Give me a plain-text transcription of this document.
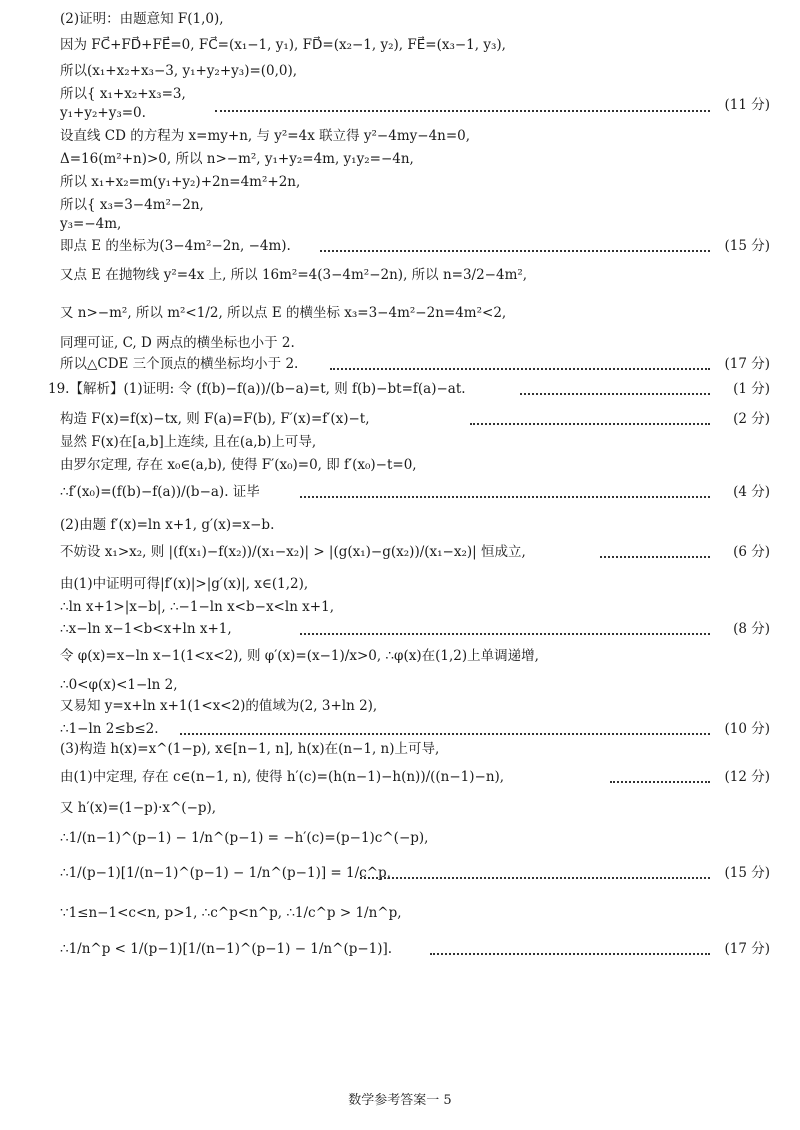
(2)证明：由题意知 F(1,0),
因为 FC⃗+FD⃗+FE⃗=0, FC⃗=(x₁−1, y₁), FD⃗=(x₂−1, y₂), FE⃗=(x₃−1, y₃),
所以(x₁+x₂+x₃−3, y₁+y₂+y₃)=(0,0),
所以{ x₁+x₂+x₃=3,
y₁+y₂+y₃=0.	(11 分)
设直线 CD 的方程为 x=my+n, 与 y²=4x 联立得 y²−4my−4n=0,
Δ=16(m²+n)>0, 所以 n>−m², y₁+y₂=4m, y₁y₂=−4n,
所以 x₁+x₂=m(y₁+y₂)+2n=4m²+2n,
所以{ x₃=3−4m²−2n,
y₃=−4m,
即点 E 的坐标为(3−4m²−2n, −4m).	(15 分)
又点 E 在抛物线 y²=4x 上, 所以 16m²=4(3−4m²−2n), 所以 n=3/2−4m²,
又 n>−m², 所以 m²<1/2, 所以点 E 的横坐标 x₃=3−4m²−2n=4m²<2,
同理可证, C, D 两点的横坐标也小于 2.
所以△CDE 三个顶点的横坐标均小于 2.	(17 分)
19.【解析】(1)证明: 令 (f(b)−f(a))/(b−a)=t, 则 f(b)−bt=f(a)−at.	(1 分)
构造 F(x)=f(x)−tx, 则 F(a)=F(b), F′(x)=f′(x)−t,	(2 分)
显然 F(x)在[a,b]上连续, 且在(a,b)上可导,
由罗尔定理, 存在 x₀∈(a,b), 使得 F′(x₀)=0, 即 f′(x₀)−t=0,
∴f′(x₀)=(f(b)−f(a))/(b−a). 证毕	(4 分)
(2)由题 f′(x)=ln x+1, g′(x)=x−b.
不妨设 x₁>x₂, 则 |(f(x₁)−f(x₂))/(x₁−x₂)| > |(g(x₁)−g(x₂))/(x₁−x₂)| 恒成立,	(6 分)
由(1)中证明可得|f′(x)|>|g′(x)|, x∈(1,2),
∴ln x+1>|x−b|, ∴−1−ln x<b−x<ln x+1,
∴x−ln x−1<b<x+ln x+1,	(8 分)
令 φ(x)=x−ln x−1(1<x<2), 则 φ′(x)=(x−1)/x>0, ∴φ(x)在(1,2)上单调递增,
∴0<φ(x)<1−ln 2,
又易知 y=x+ln x+1(1<x<2)的值域为(2, 3+ln 2),
∴1−ln 2≤b≤2.	(10 分)
(3)构造 h(x)=x^(1−p), x∈[n−1, n], h(x)在(n−1, n)上可导,
由(1)中定理, 存在 c∈(n−1, n), 使得 h′(c)=(h(n−1)−h(n))/((n−1)−n),	(12 分)
又 h′(x)=(1−p)·x^(−p),
∴1/(n−1)^(p−1) − 1/n^(p−1) = −h′(c)=(p−1)c^(−p),
∴1/(p−1)[1/(n−1)^(p−1) − 1/n^(p−1)] = 1/c^p,	(15 分)
∵1≤n−1<c<n, p>1, ∴c^p<n^p, ∴1/c^p > 1/n^p,
∴1/n^p < 1/(p−1)[1/(n−1)^(p−1) − 1/n^(p−1)].	(17 分)
数学参考答案一 5
